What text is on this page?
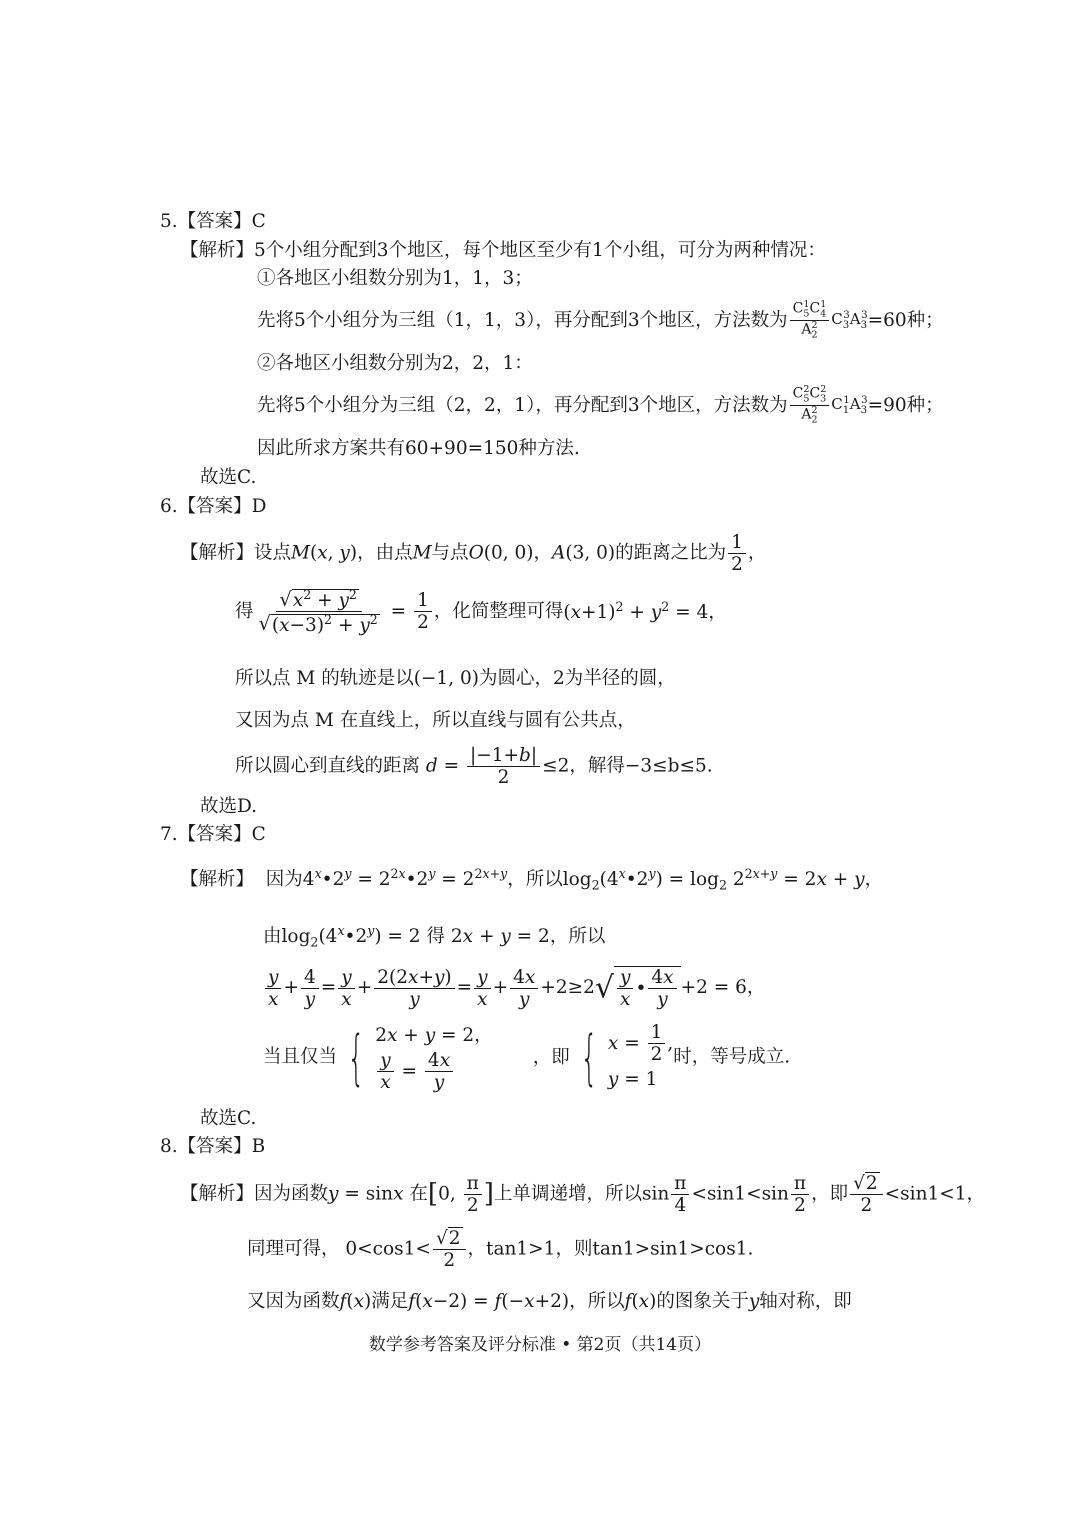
5.【答案】C
【解析】5个小组分配到3个地区，每个地区至少有1个小组，可分为两种情况：
①各地区小组数分别为1，1，3；
先将5个小组分为三组（1，1，3），再分配到3个地区，方法数为 $\frac{C_5^1C_4^1}{A_2^2} C_3^3A_3^3=60$种；
②各地区小组数分别为2，2，1：
先将5个小组分为三组（2，2，1），再分配到3个地区，方法数为 $\frac{C_5^2C_3^2}{A_2^2} C_1^1A_3^3=90$种；
因此所求方案共有60+90=150种方法.
故选C.
6.【答案】D
【解析】设点M(x, y)，由点M与点O(0, 0)，A(3, 0)的距离之比为 $\frac{1}{2}$ ，
得 $\frac{√x^2 + y^2}{√(x-3)^2 + y^2} = \frac{1}{2}$ ，化简整理可得$(x+1)^2 + y^2 = 4$，
所以点 M 的轨迹是以(−1, 0)为圆心，2为半径的圆，
又因为点 M 在直线上，所以直线与圆有公共点，
所以圆心到直线的距离 $d = \frac{|-1+b|}{2} \le 2$，解得−3≤b≤5.
故选D.
7.【答案】C
【解析】 因为$4^x•2^y$ = $2^{2x}•2^y = 2^{2x+y}$，所以$\log_2(4^x•2^y) = \log_2 2^{2x+y} = 2x + y$，
由$\log_2(4^x•2^y) = 2$ 得 2x + y = 2，所以
$\frac{y}{x} + \frac{4}{y} = \frac{y}{x} + \frac{2(2x+y)}{y} = \frac{y}{x} + \frac{4x}{y} +2\ge 2√ \frac{y}{x}$ • $\frac{4x}{y} +2 = 6$，
当且仅当 { 2x + y = 2，
$\frac{y}{x} = \frac{4x}{y}$	，即 { $x = \frac{1}{2}$ ,
y = 1
时，等号成立.
故选C.
8.【答案】B
【解析】因为函数y = sinx 在[0, $\frac{\pi}{2}$ ]上单调递增，所以$\sin \frac{\pi}{4} <\sin 1<\sin \frac{\pi}{2}$ ，即 $\frac{√2}{2} <\sin 1<1$，
同理可得， $0<\cos 1< \frac{√2}{2}$ ，tan1>1，则tan1>sin1>cos1.
又因为函数f(x)满足f(x−2) = f(−x+2)，所以f(x)的图象关于y轴对称，即
数学参考答案及评分标准 • 第2页（共14页）
